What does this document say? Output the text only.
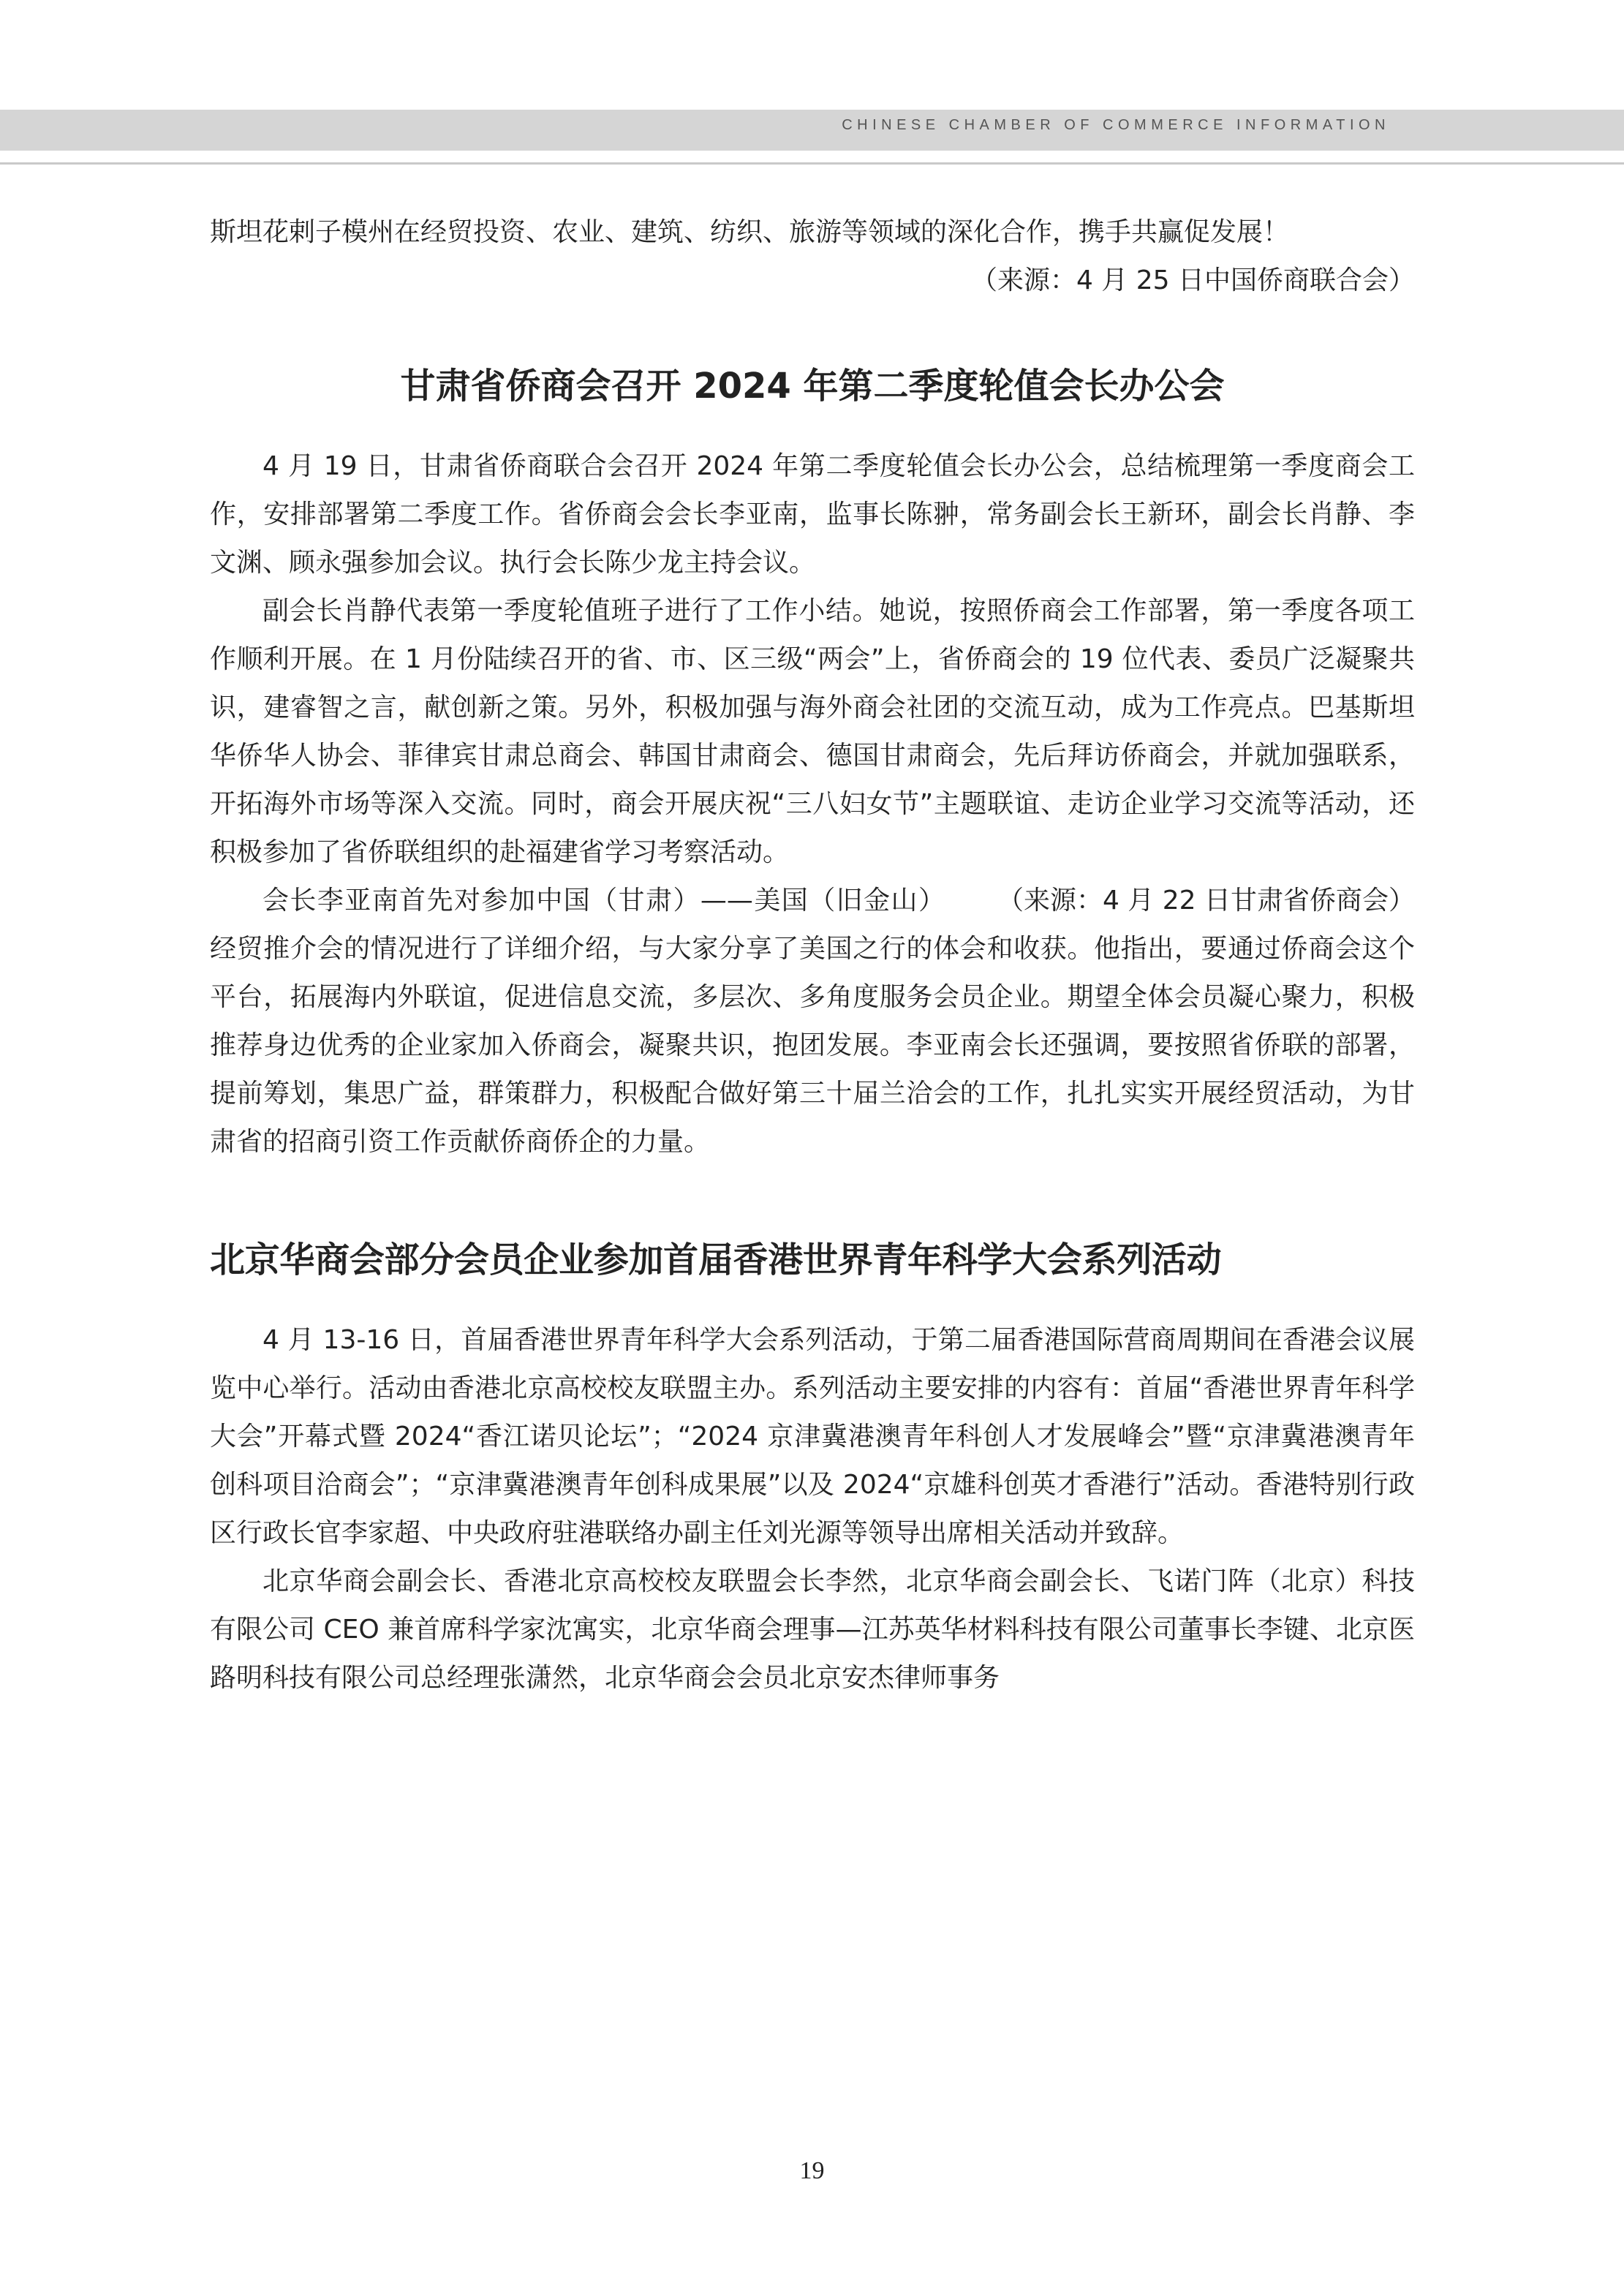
CHINESE CHAMBER OF COMMERCE INFORMATION

斯坦花剌子模州在经贸投资、农业、建筑、纺织、旅游等领域的深化合作，携手共赢促发展！

（来源：4 月 25 日中国侨商联合会）

甘肃省侨商会召开 2024 年第二季度轮值会长办公会

4 月 19 日，甘肃省侨商联合会召开 2024 年第二季度轮值会长办公会，总结梳理第一季度商会工作，安排部署第二季度工作。省侨商会会长李亚南，监事长陈翀，常务副会长王新环，副会长肖静、李文渊、顾永强参加会议。执行会长陈少龙主持会议。

副会长肖静代表第一季度轮值班子进行了工作小结。她说，按照侨商会工作部署，第一季度各项工作顺利开展。在 1 月份陆续召开的省、市、区三级“两会”上，省侨商会的 19 位代表、委员广泛凝聚共识，建睿智之言，献创新之策。另外，积极加强与海外商会社团的交流互动，成为工作亮点。巴基斯坦华侨华人协会、菲律宾甘肃总商会、韩国甘肃商会、德国甘肃商会，先后拜访侨商会，并就加强联系，开拓海外市场等深入交流。同时，商会开展庆祝“三八妇女节”主题联谊、走访企业学习交流等活动，还积极参加了省侨联组织的赴福建省学习考察活动。

（来源：4 月 22 日甘肃省侨商会）
会长李亚南首先对参加中国（甘肃）——美国（旧金山）经贸推介会的情况进行了详细介绍，与大家分享了美国之行的体会和收获。他指出，要通过侨商会这个平台，拓展海内外联谊，促进信息交流，多层次、多角度服务会员企业。期望全体会员凝心聚力，积极推荐身边优秀的企业家加入侨商会，凝聚共识，抱团发展。李亚南会长还强调，要按照省侨联的部署，提前筹划，集思广益，群策群力，积极配合做好第三十届兰洽会的工作，扎扎实实开展经贸活动，为甘肃省的招商引资工作贡献侨商侨企的力量。

北京华商会部分会员企业参加首届香港世界青年科学大会系列活动

4 月 13-16 日，首届香港世界青年科学大会系列活动，于第二届香港国际营商周期间在香港会议展览中心举行。活动由香港北京高校校友联盟主办。系列活动主要安排的内容有：首届“香港世界青年科学大会”开幕式暨 2024“香江诺贝论坛”；“2024 京津冀港澳青年科创人才发展峰会”暨“京津冀港澳青年创科项目洽商会”；“京津冀港澳青年创科成果展”以及 2024“京雄科创英才香港行”活动。香港特别行政区行政长官李家超、中央政府驻港联络办副主任刘光源等领导出席相关活动并致辞。

北京华商会副会长、香港北京高校校友联盟会长李然，北京华商会副会长、飞诺门阵（北京）科技有限公司 CEO 兼首席科学家沈寓实，北京华商会理事—江苏英华材料科技有限公司董事长李键、北京医路明科技有限公司总经理张潇然，北京华商会会员北京安杰律师事务

19
